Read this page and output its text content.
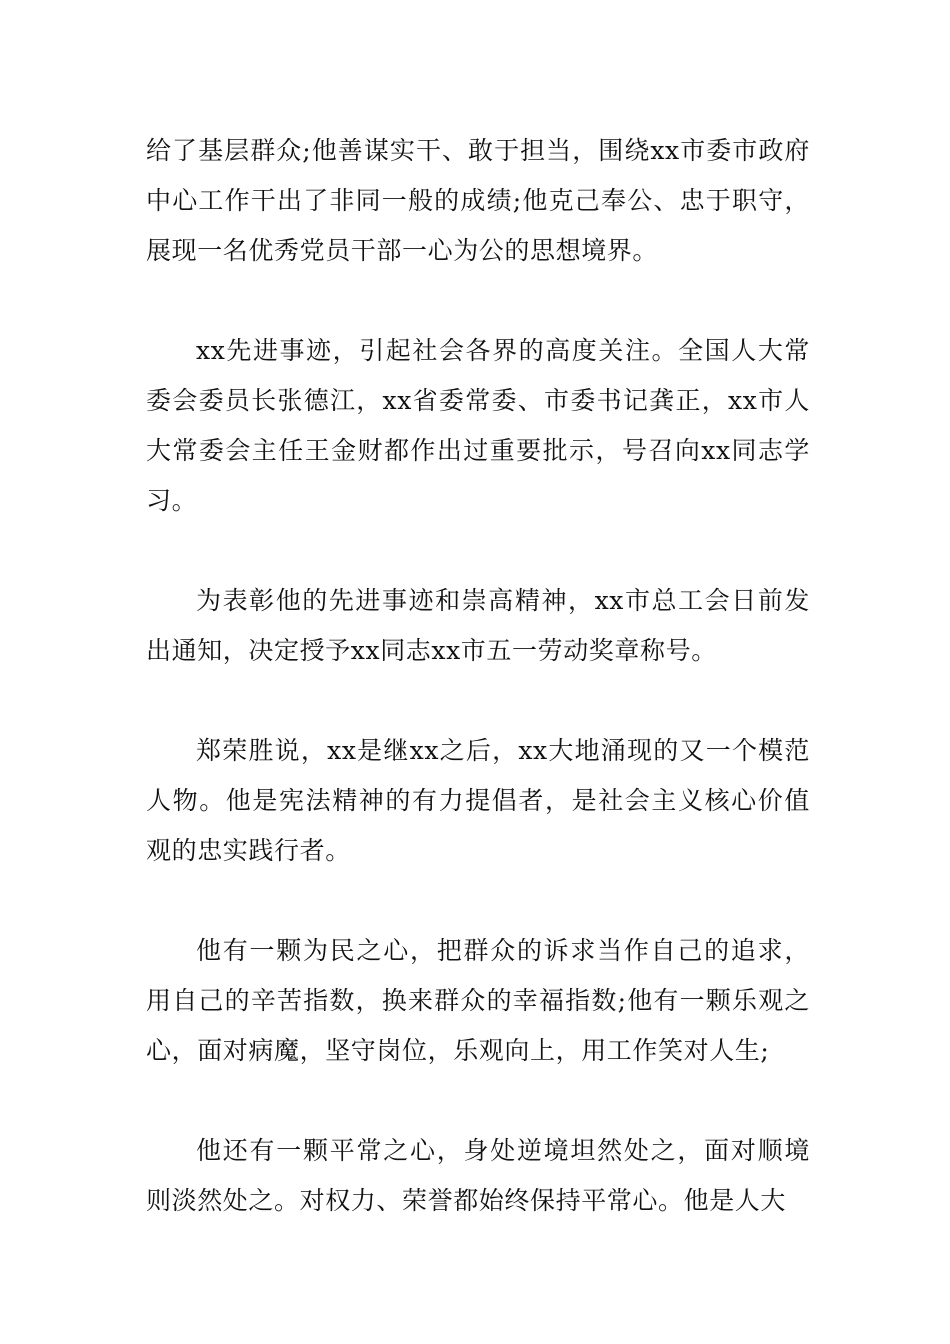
给了基层群众;他善谋实干、敢于担当，围绕xx市委市政府中心工作干出了非同一般的成绩;他克己奉公、忠于职守，展现一名优秀党员干部一心为公的思想境界。

xx先进事迹，引起社会各界的高度关注。全国人大常委会委员长张德江，xx省委常委、市委书记龚正，xx市人大常委会主任王金财都作出过重要批示，号召向xx同志学习。

为表彰他的先进事迹和崇高精神，xx市总工会日前发出通知，决定授予xx同志xx市五一劳动奖章称号。

郑荣胜说，xx是继xx之后，xx大地涌现的又一个模范人物。他是宪法精神的有力提倡者，是社会主义核心价值观的忠实践行者。

他有一颗为民之心，把群众的诉求当作自己的追求，用自己的辛苦指数，换来群众的幸福指数;他有一颗乐观之心，面对病魔，坚守岗位，乐观向上，用工作笑对人生;

他还有一颗平常之心，身处逆境坦然处之，面对顺境则淡然处之。对权力、荣誉都始终保持平常心。他是人大
